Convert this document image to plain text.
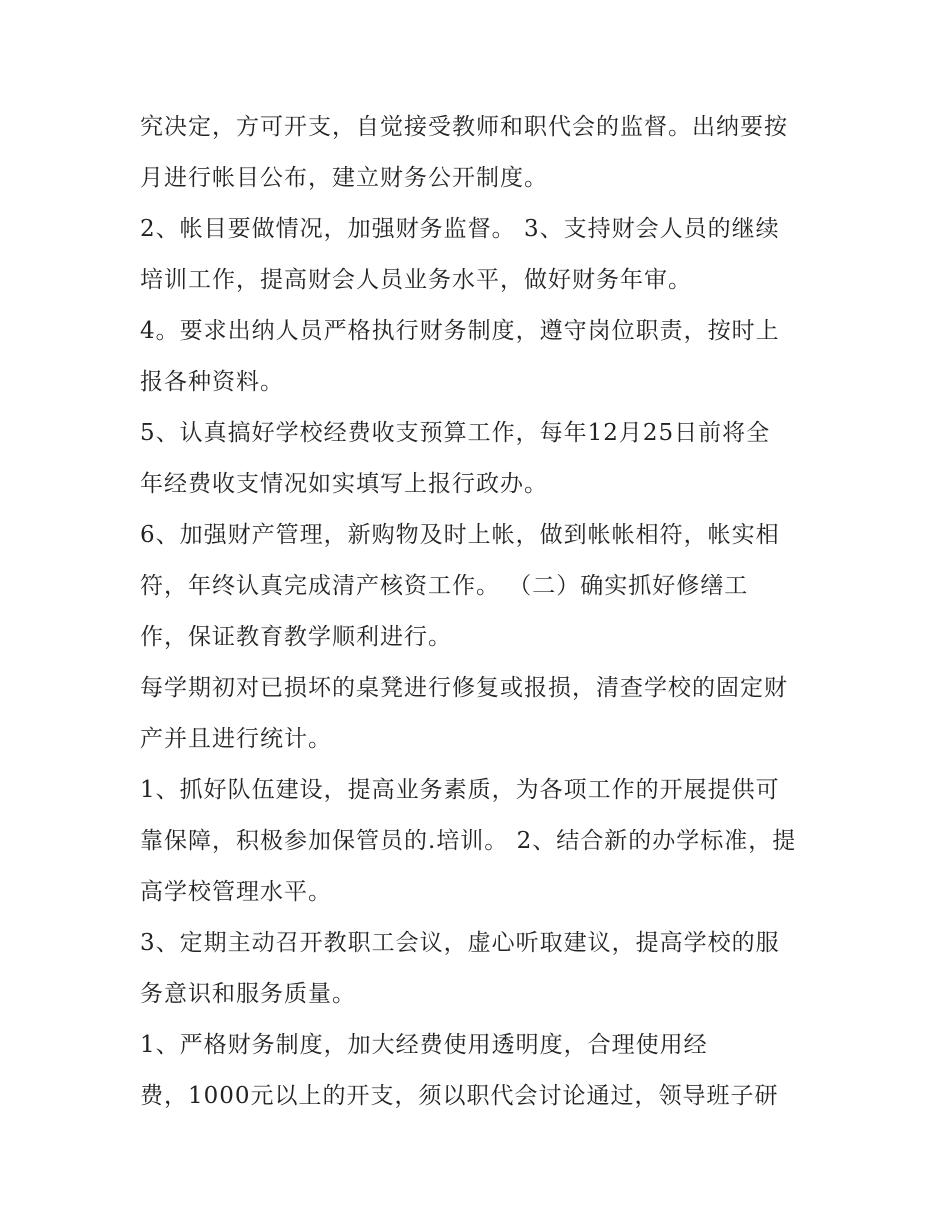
究决定，方可开支，自觉接受教师和职代会的监督。出纳要按
月进行帐目公布，建立财务公开制度。
2、帐目要做情况，加强财务监督。 3、支持财会人员的继续
培训工作，提高财会人员业务水平，做好财务年审。
4。要求出纳人员严格执行财务制度，遵守岗位职责，按时上
报各种资料。
5、认真搞好学校经费收支预算工作，每年12月25日前将全
年经费收支情况如实填写上报行政办。
6、加强财产管理，新购物及时上帐，做到帐帐相符，帐实相
符，年终认真完成清产核资工作。 （二）确实抓好修缮工
作，保证教育教学顺利进行。
每学期初对已损坏的桌凳进行修复或报损，清查学校的固定财
产并且进行统计。
1、抓好队伍建设，提高业务素质，为各项工作的开展提供可
靠保障，积极参加保管员的.培训。 2、结合新的办学标准，提
高学校管理水平。
3、定期主动召开教职工会议，虚心听取建议，提高学校的服
务意识和服务质量。
1、严格财务制度，加大经费使用透明度，合理使用经
费，1000元以上的开支，须以职代会讨论通过，领导班子研
